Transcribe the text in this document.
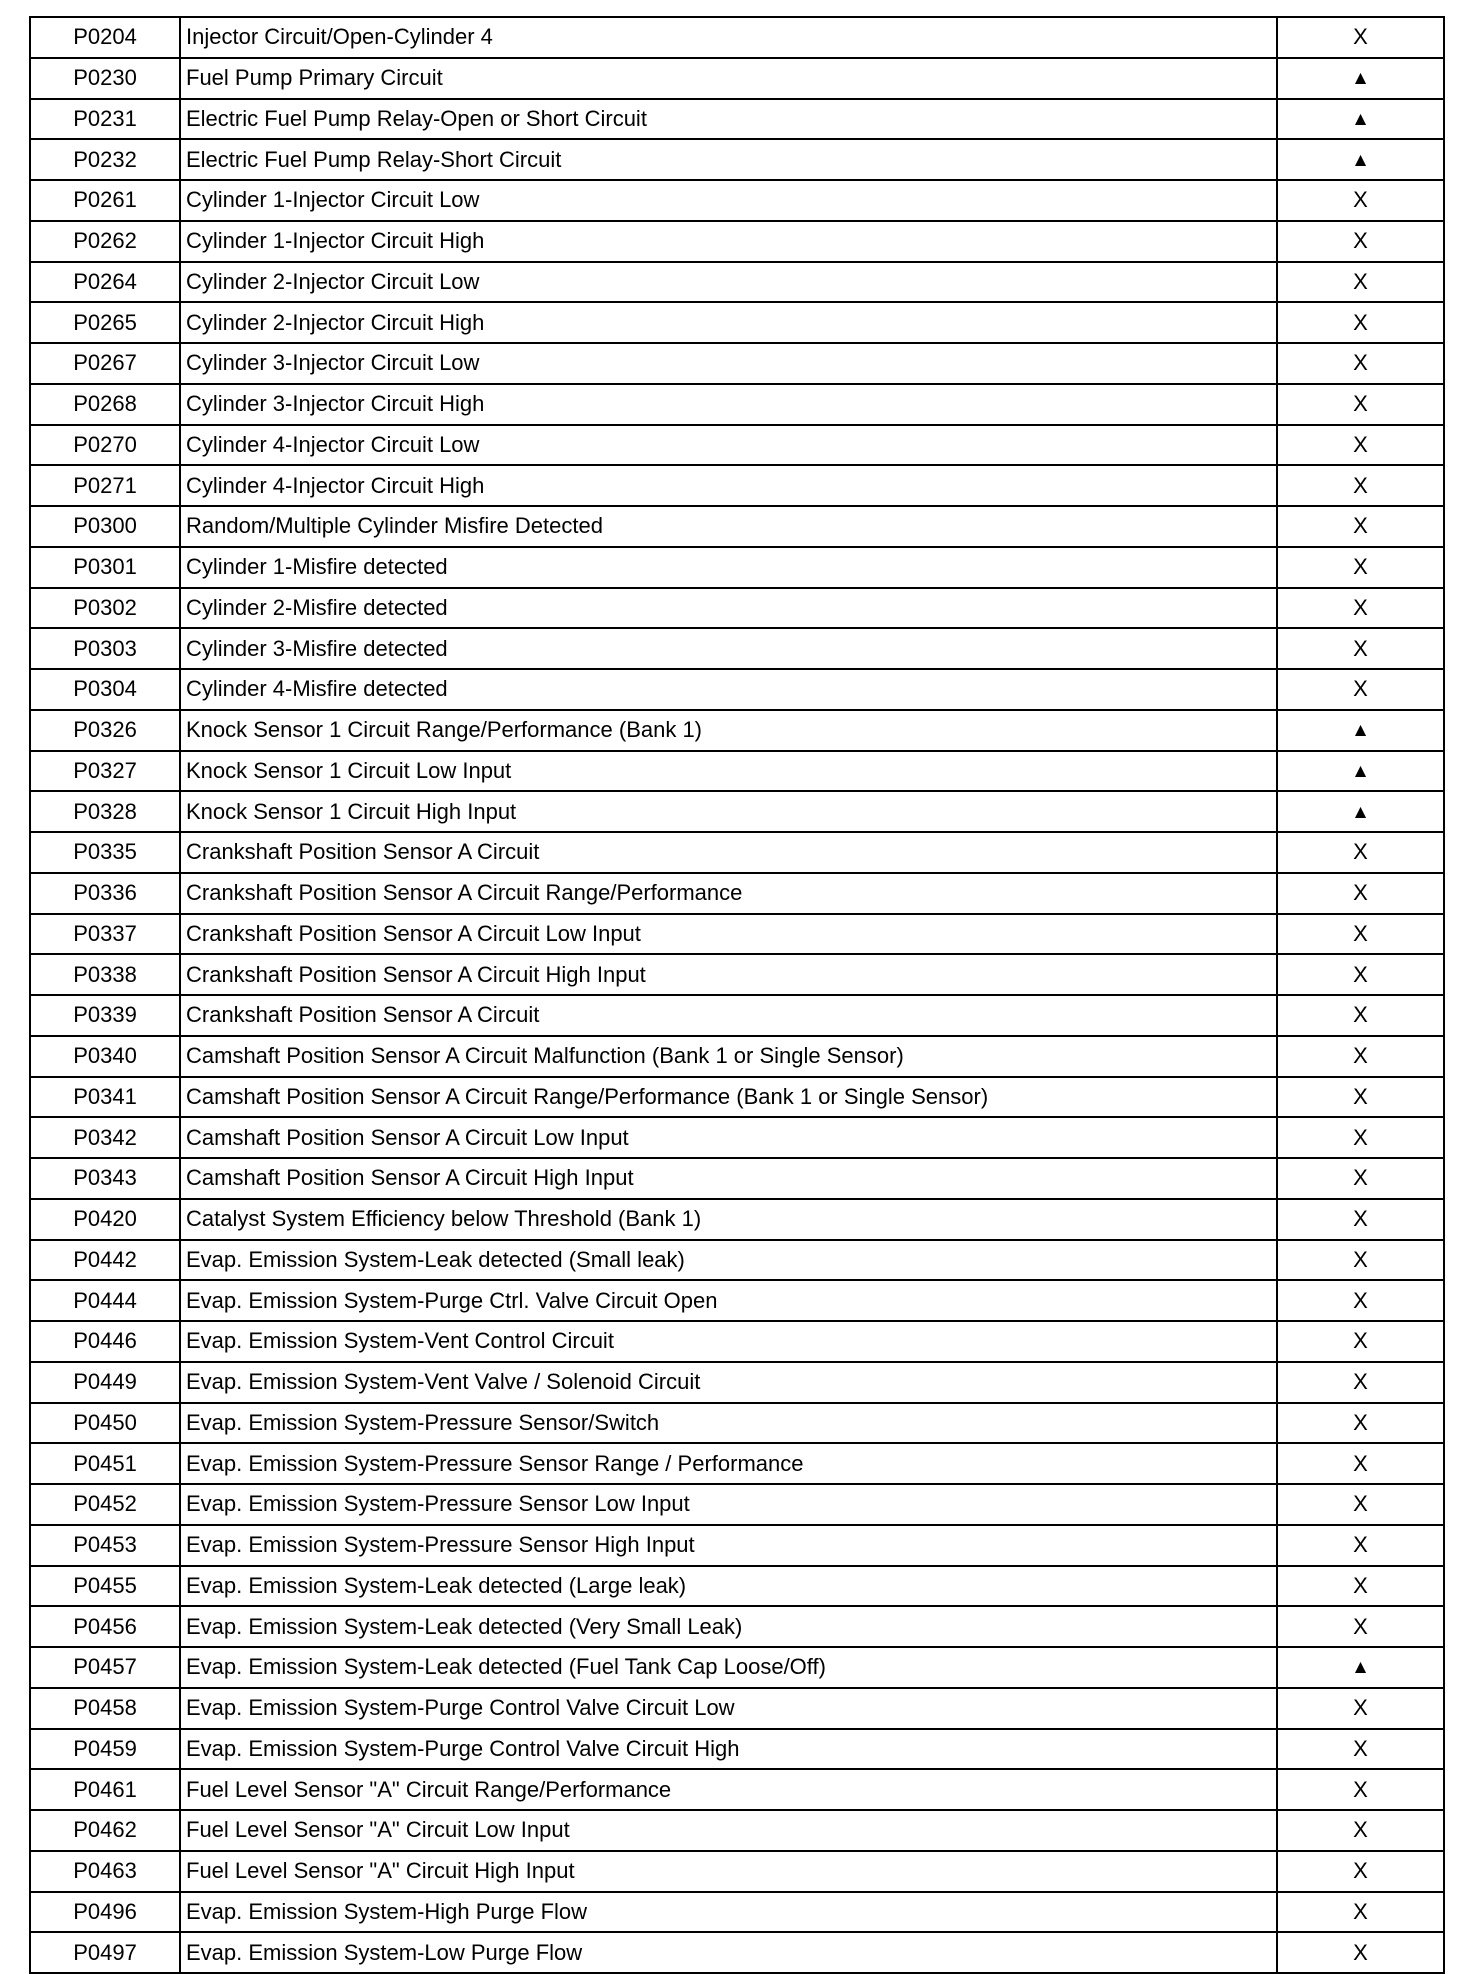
P0204	Injector Circuit/Open-Cylinder 4	X
P0230	Fuel Pump Primary Circuit	▲
P0231	Electric Fuel Pump Relay-Open or Short Circuit	▲
P0232	Electric Fuel Pump Relay-Short Circuit	▲
P0261	Cylinder 1-Injector Circuit Low	X
P0262	Cylinder 1-Injector Circuit High	X
P0264	Cylinder 2-Injector Circuit Low	X
P0265	Cylinder 2-Injector Circuit High	X
P0267	Cylinder 3-Injector Circuit Low	X
P0268	Cylinder 3-Injector Circuit High	X
P0270	Cylinder 4-Injector Circuit Low	X
P0271	Cylinder 4-Injector Circuit High	X
P0300	Random/Multiple Cylinder Misfire Detected	X
P0301	Cylinder 1-Misfire detected	X
P0302	Cylinder 2-Misfire detected	X
P0303	Cylinder 3-Misfire detected	X
P0304	Cylinder 4-Misfire detected	X
P0326	Knock Sensor 1 Circuit Range/Performance (Bank 1)	▲
P0327	Knock Sensor 1 Circuit Low Input	▲
P0328	Knock Sensor 1 Circuit High Input	▲
P0335	Crankshaft Position Sensor A Circuit	X
P0336	Crankshaft Position Sensor A Circuit Range/Performance	X
P0337	Crankshaft Position Sensor A Circuit Low Input	X
P0338	Crankshaft Position Sensor A Circuit High Input	X
P0339	Crankshaft Position Sensor A Circuit	X
P0340	Camshaft Position Sensor A Circuit Malfunction (Bank 1 or Single Sensor)	X
P0341	Camshaft Position Sensor A Circuit Range/Performance (Bank 1 or Single Sensor)	X
P0342	Camshaft Position Sensor A Circuit Low Input	X
P0343	Camshaft Position Sensor A Circuit High Input	X
P0420	Catalyst System Efficiency below Threshold (Bank 1)	X
P0442	Evap. Emission System-Leak detected (Small leak)	X
P0444	Evap. Emission System-Purge Ctrl. Valve Circuit Open	X
P0446	Evap. Emission System-Vent Control Circuit	X
P0449	Evap. Emission System-Vent Valve / Solenoid Circuit	X
P0450	Evap. Emission System-Pressure Sensor/Switch	X
P0451	Evap. Emission System-Pressure Sensor Range / Performance	X
P0452	Evap. Emission System-Pressure Sensor Low Input	X
P0453	Evap. Emission System-Pressure Sensor High Input	X
P0455	Evap. Emission System-Leak detected (Large leak)	X
P0456	Evap. Emission System-Leak detected (Very Small Leak)	X
P0457	Evap. Emission System-Leak detected (Fuel Tank Cap Loose/Off)	▲
P0458	Evap. Emission System-Purge Control Valve Circuit Low	X
P0459	Evap. Emission System-Purge Control Valve Circuit High	X
P0461	Fuel Level Sensor "A" Circuit Range/Performance	X
P0462	Fuel Level Sensor "A" Circuit Low Input	X
P0463	Fuel Level Sensor "A" Circuit High Input	X
P0496	Evap. Emission System-High Purge Flow	X
P0497	Evap. Emission System-Low Purge Flow	X
